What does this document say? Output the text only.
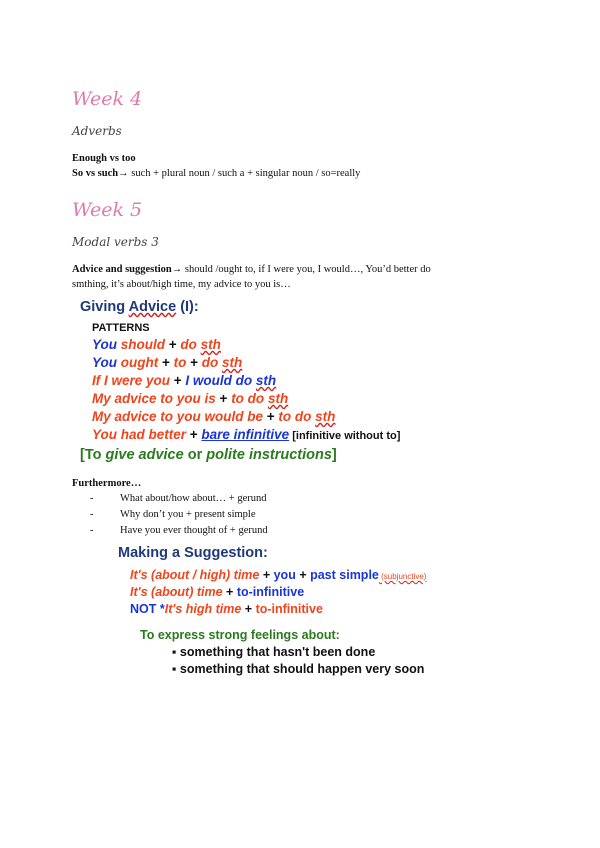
Week 4
Adverbs
Enough vs too
So vs such→ such + plural noun / such a + singular noun / so=really
Week 5
Modal verbs 3
Advice and suggestion→ should /ought to, if I were you, I would…, You’d better do
smthing, it’s about/high time, my advice to you is…
Giving Advice (I):
PATTERNS
You should + do sth
You ought + to + do sth
If I were you + I would do sth
My advice to you is + to do sth
My advice to you would be + to do sth
You had better + bare infinitive [infinitive without to]
[To give advice or polite instructions]
Furthermore…
-	What about/how about… + gerund
-	Why don’t you + present simple
-	Have you ever thought of + gerund
Making a Suggestion:
It's (about / high) time + you + past simple (subjunctive)
It's (about) time + to-infinitive
NOT *It's high time + to-infinitive
To express strong feelings about:
▪ something that hasn't been done
▪ something that should happen very soon
